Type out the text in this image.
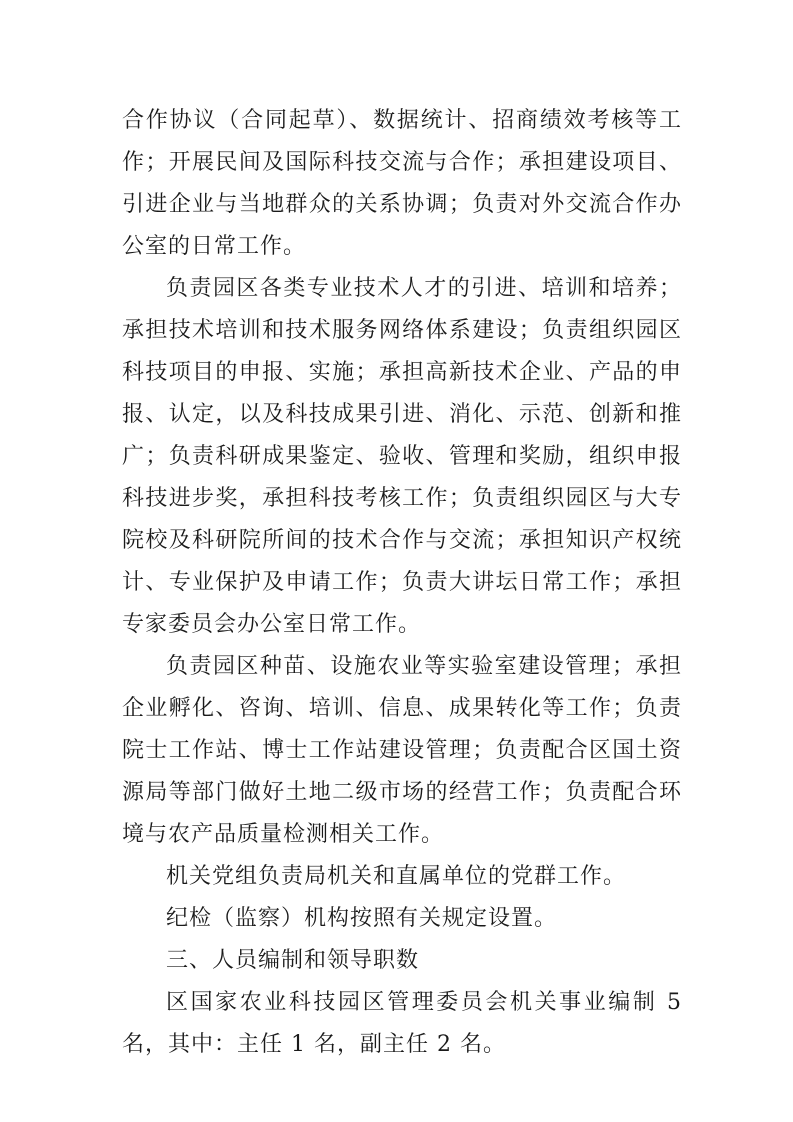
合作协议（合同起草）、数据统计、招商绩效考核等工作；开展民间及国际科技交流与合作；承担建设项目、引进企业与当地群众的关系协调；负责对外交流合作办公室的日常工作。

负责园区各类专业技术人才的引进、培训和培养；承担技术培训和技术服务网络体系建设；负责组织园区科技项目的申报、实施；承担高新技术企业、产品的申报、认定，以及科技成果引进、消化、示范、创新和推广；负责科研成果鉴定、验收、管理和奖励，组织申报科技进步奖，承担科技考核工作；负责组织园区与大专院校及科研院所间的技术合作与交流；承担知识产权统计、专业保护及申请工作；负责大讲坛日常工作；承担专家委员会办公室日常工作。

负责园区种苗、设施农业等实验室建设管理；承担企业孵化、咨询、培训、信息、成果转化等工作；负责院士工作站、博士工作站建设管理；负责配合区国土资源局等部门做好土地二级市场的经营工作；负责配合环境与农产品质量检测相关工作。

机关党组负责局机关和直属单位的党群工作。

纪检（监察）机构按照有关规定设置。

三、人员编制和领导职数

区国家农业科技园区管理委员会机关事业编制 5 名，其中：主任 1 名，副主任 2 名。
